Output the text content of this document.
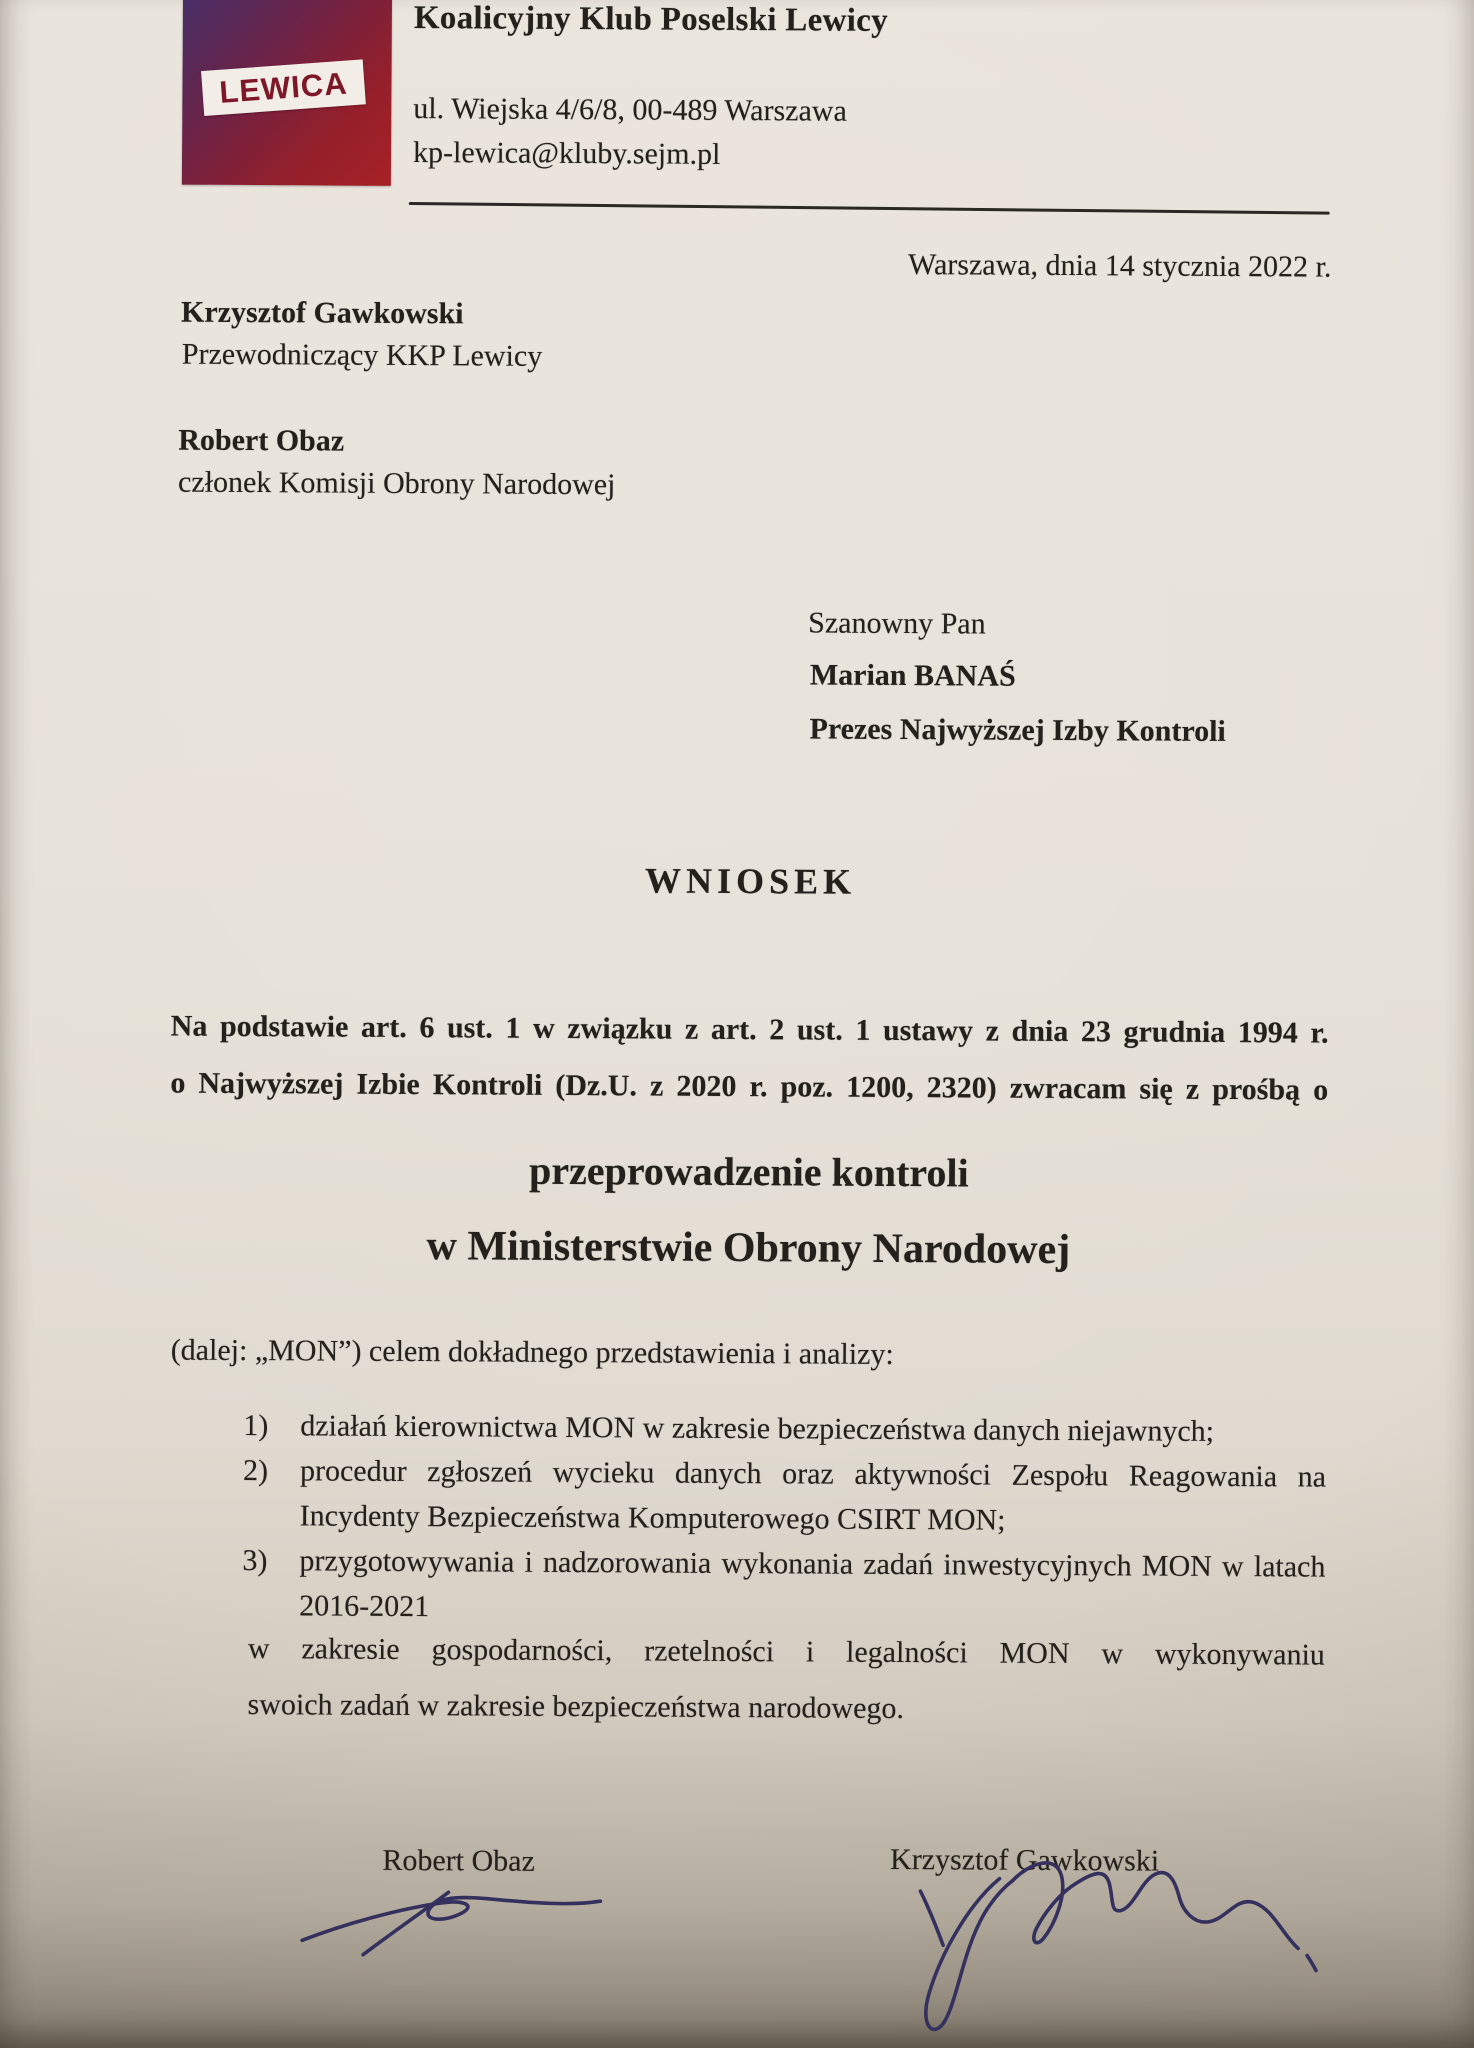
LEWICA
Koalicyjny Klub Poselski Lewicy
ul. Wiejska 4/6/8, 00-489 Warszawa
kp-lewica@kluby.sejm.pl
Warszawa, dnia 14 stycznia 2022 r.
Krzysztof Gawkowski
Przewodniczący KKP Lewicy
Robert Obaz
członek Komisji Obrony Narodowej
Szanowny Pan
Marian BANAŚ
Prezes Najwyższej Izby Kontroli
WNIOSEK
Na podstawie art. 6 ust. 1 w związku z art. 2 ust. 1 ustawy z dnia 23 grudnia 1994 r.
o Najwyższej Izbie Kontroli (Dz.U. z 2020 r. poz. 1200, 2320) zwracam się z prośbą o
przeprowadzenie kontroli
w Ministerstwie Obrony Narodowej
(dalej: „MON”) celem dokładnego przedstawienia i analizy:
1)	działań kierownictwa MON w zakresie bezpieczeństwa danych niejawnych;
2)	procedur zgłoszeń wycieku danych oraz aktywności Zespołu Reagowania na Incydenty Bezpieczeństwa Komputerowego CSIRT MON;
3)	przygotowywania i nadzorowania wykonania zadań inwestycyjnych MON w latach 2016-2021
w zakresie gospodarności, rzetelności i legalności MON w wykonywaniu
swoich zadań w zakresie bezpieczeństwa narodowego.
Robert Obaz	Krzysztof Gawkowski
